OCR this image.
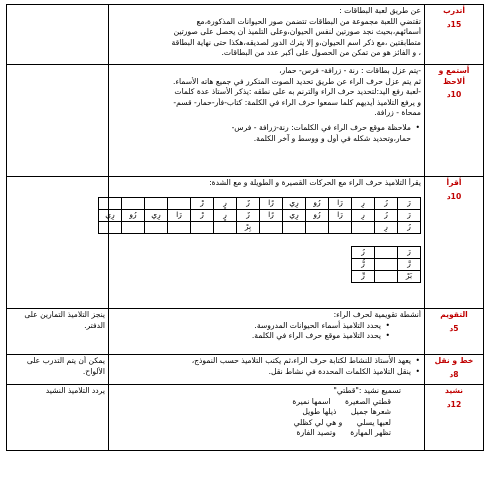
أتدرب
15د

عن طريق لعبة البطاقات :
تقتضي اللعبة مجموعة من البطاقات تتضمن صور الحيوانات المذكورة،مع
أسمائهم،بحيث نجد صورتين لنفس الحيوان،وعلى التلميذ أن يحصل على صورتين
متطابقتين ،مع ذكر اسم الحيوان،و إلا يترك الدور لصديقه،هكذا حتى نهاية البطاقة
، و الفائز هو من تمكن من الحصول على أكبر عدد من البطاقات.

أستمع و ألاحظ
10د

-يتم عزل بطاقات : رنة - زرافة- فرس- حمار،
ثم يتم عزل حرف الراء عن طريق تحديد الصوت المتكرر في جميع هاته الأسماء.
-لعبة رفع اليد:لتحديد حرف الراء والترنم به على نطقه :يذكر الأستاذ عدة كلمات
و يرفع التلاميذ أيديهم كلما سمعوا حرف الراء في الكلمة: كتاب-فأر-حمار- قسم-
ممحاة - زرافة.
• ملاحظة موقع حرف الراء في الكلمات: رنة-زرافة - فرس-
حمار،وتحديد شكله في أول و ووسط و آخر الكلمة.

أقرأ
10د

يقرأ التلاميذ حرف الراء مع الحركات القصيرة و الطويلة و مع الشدة:
رَ	رُ	رِ	رَا	رُو	رِي	رًا	رٌ	رٍ	رْ				
رَ	رُ	رِ	رَا	رُو	رِي	رًا	رٌ	رٍ	رْ	رَا	رِي	رُو	رِي
رُ	رِ						بِرْ						
رَ		رُ
رَّ		رُّ
بَرْ		رِّ

التقويم
5د

أنشطة تقويمية لحرف الراء:
• يحدد التلاميذ أسماء الحيوانات المدروسة.
• يحدد التلاميذ موقع حرف الراء في الكلمة.

ينجز التلاميذ التمارين على
الدفتر.

خط و نقل
8د

• يعهد الأستاذ للنشاط لكتابة حرف الراء،ثم يكتب التلاميذ حسب النموذج،
• ينقل التلاميذ الكلمات المحددة في نشاط نقل.

يمكن أن يتم التدرب على
الألواح.

نشيد
12د

تسميع نشيد :"قطتي"
قطتي الصغيرة      اسمها نميرة
شعرها جميل      ذيلها طويل
لعبها يسلي      و هي لي كظلي
تظهر المهارة      وتصيد الفارة

يردد التلاميذ النشيد
